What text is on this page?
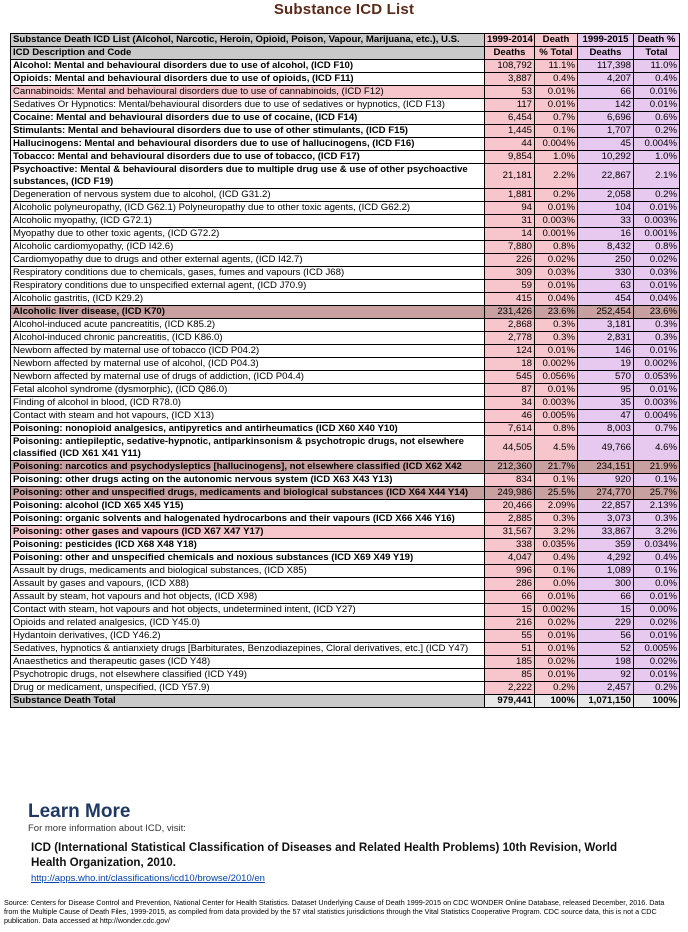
Substance ICD List
Substance Death ICD List (Alcohol, Narcotic, Heroin, Opioid, Poison, Vapour, Marijuana, etc.), U.S.	1999-2014	Death	1999-2015	Death %
ICD Description and Code	Deaths	% Total	Deaths	Total
Alcohol: Mental and behavioural disorders due to use of alcohol, (ICD F10)	108,792	11.1%	117,398	11.0%
Opioids: Mental and behavioural disorders due to use of opioids, (ICD F11)	3,887	0.4%	4,207	0.4%
Cannabinoids: Mental and behavioural disorders due to use of cannabinoids, (ICD F12)	53	0.01%	66	0.01%
Sedatives Or Hypnotics: Mental/behavioural disorders due to use of sedatives or hypnotics, (ICD F13)	117	0.01%	142	0.01%
Cocaine: Mental and behavioural disorders due to use of cocaine, (ICD F14)	6,454	0.7%	6,696	0.6%
Stimulants: Mental and behavioural disorders due to use of other stimulants, (ICD F15)	1,445	0.1%	1,707	0.2%
Hallucinogens: Mental and behavioural disorders due to use of hallucinogens, (ICD F16)	44	0.004%	45	0.004%
Tobacco: Mental and behavioural disorders due to use of tobacco, (ICD F17)	9,854	1.0%	10,292	1.0%
Psychoactive: Mental & behavioural disorders due to multiple drug use & use of other psychoactive substances, (ICD F19)	21,181	2.2%	22,867	2.1%
Degeneration of nervous system due to alcohol, (ICD G31.2)	1,881	0.2%	2,058	0.2%
Alcoholic polyneuropathy, (ICD G62.1) Polyneuropathy due to other toxic agents, (ICD G62.2)	94	0.01%	104	0.01%
Alcoholic myopathy, (ICD G72.1)	31	0.003%	33	0.003%
Myopathy due to other toxic agents, (ICD G72.2)	14	0.001%	16	0.001%
Alcoholic cardiomyopathy, (ICD I42.6)	7,880	0.8%	8,432	0.8%
Cardiomyopathy due to drugs and other external agents, (ICD I42.7)	226	0.02%	250	0.02%
Respiratory conditions due to chemicals, gases, fumes and vapours (ICD J68)	309	0.03%	330	0.03%
Respiratory conditions due to unspecified external agent, (ICD J70.9)	59	0.01%	63	0.01%
Alcoholic gastritis, (ICD K29.2)	415	0.04%	454	0.04%
Alcoholic liver disease, (ICD K70)	231,426	23.6%	252,454	23.6%
Alcohol-induced acute pancreatitis, (ICD K85.2)	2,868	0.3%	3,181	0.3%
Alcohol-induced chronic pancreatitis, (ICD K86.0)	2,778	0.3%	2,831	0.3%
Newborn affected by maternal use of tobacco (ICD P04.2)	124	0.01%	146	0.01%
Newborn affected by maternal use of alcohol, (ICD P04.3)	18	0.002%	19	0.002%
Newborn affected by maternal use of drugs of addiction, (ICD P04.4)	545	0.056%	570	0.053%
Fetal alcohol syndrome (dysmorphic), (ICD Q86.0)	87	0.01%	95	0.01%
Finding of alcohol in blood, (ICD R78.0)	34	0.003%	35	0.003%
Contact with steam and hot vapours, (ICD X13)	46	0.005%	47	0.004%
Poisoning: nonopioid analgesics, antipyretics and antirheumatics (ICD X60 X40 Y10)	7,614	0.8%	8,003	0.7%
Poisoning: antiepileptic, sedative-hypnotic, antiparkinsonism & psychotropic drugs, not elsewhere classified (ICD X61 X41 Y11)	44,505	4.5%	49,766	4.6%
Poisoning: narcotics and psychodysleptics [hallucinogens], not elsewhere classified (ICD X62 X42	212,360	21.7%	234,151	21.9%
Poisoning: other drugs acting on the autonomic nervous system (ICD X63 X43 Y13)	834	0.1%	920	0.1%
Poisoning: other and unspecified drugs, medicaments and biological substances (ICD X64 X44 Y14)	249,986	25.5%	274,770	25.7%
Poisoning: alcohol (ICD X65 X45 Y15)	20,466	2.09%	22,857	2.13%
Poisoning: organic solvents and halogenated hydrocarbons and their vapours (ICD X66 X46 Y16)	2,885	0.3%	3,073	0.3%
Poisoning: other gases and vapours (ICD X67 X47 Y17)	31,567	3.2%	33,867	3.2%
Poisoning: pesticides (ICD X68 X48 Y18)	338	0.035%	359	0.034%
Poisoning: other and unspecified chemicals and noxious substances (ICD X69 X49 Y19)	4,047	0.4%	4,292	0.4%
Assault by drugs, medicaments and biological substances, (ICD X85)	996	0.1%	1,089	0.1%
Assault by gases and vapours, (ICD X88)	286	0.0%	300	0.0%
Assault by steam, hot vapours and hot objects, (ICD X98)	66	0.01%	66	0.01%
Contact with steam, hot vapours and hot objects, undetermined intent, (ICD Y27)	15	0.002%	15	0.00%
Opioids and related analgesics, (ICD Y45.0)	216	0.02%	229	0.02%
Hydantoin derivatives, (ICD Y46.2)	55	0.01%	56	0.01%
Sedatives, hypnotics & antianxiety drugs [Barbiturates, Benzodiazepines, Cloral derivatives, etc.] (ICD Y47)	51	0.01%	52	0.005%
Anaesthetics and therapeutic gases (ICD Y48)	185	0.02%	198	0.02%
Psychotropic drugs, not elsewhere classified (ICD Y49)	85	0.01%	92	0.01%
Drug or medicament, unspecified, (ICD Y57.9)	2,222	0.2%	2,457	0.2%
Substance Death Total	979,441	100%	1,071,150	100%
Learn More
For more information about ICD, visit:
ICD (International Statistical Classification of Diseases and Related Health Problems) 10th Revision, World Health Organization, 2010.
http://apps.who.int/classifications/icd10/browse/2010/en
Source: Centers for Disease Control and Prevention, National Center for Health Statistics. Dataset Underlying Cause of Death 1999-2015 on CDC WONDER Online Database, released December, 2016. Data from the Multiple Cause of Death Files, 1999-2015, as compiled from data provided by the 57 vital statistics jurisdictions through the Vital Statistics Cooperative Program. CDC source data, this is not a CDC publication. Data accessed at http://wonder.cdc.gov/
